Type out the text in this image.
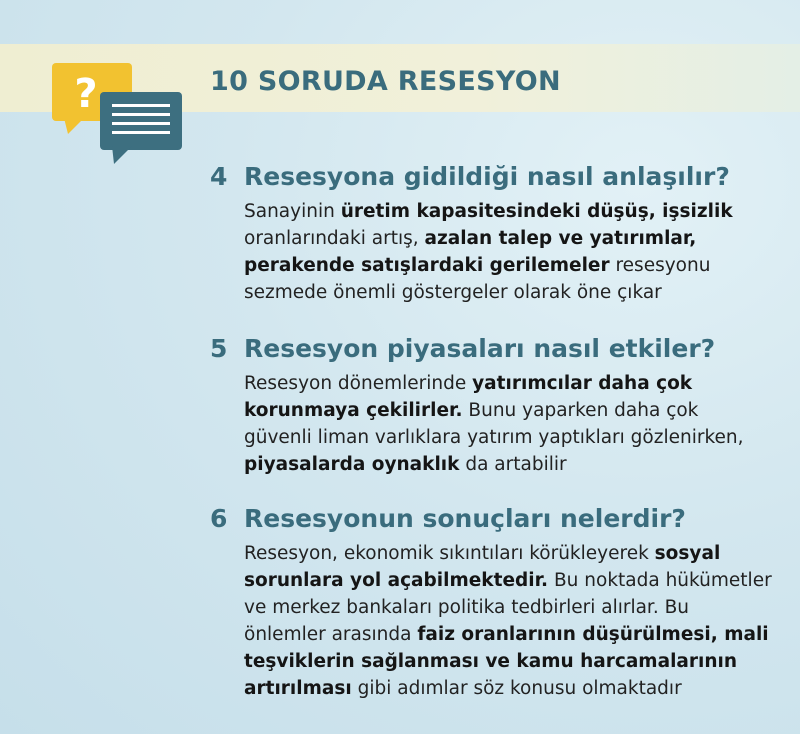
?	10 SORUDA RESESYON
4 Resesyona gidildiği nasıl anlaşılır?
Sanayinin üretim kapasitesindeki düşüş, işsizlik
oranlarındaki artış, azalan talep ve yatırımlar,
perakende satışlardaki gerilemeler resesyonu
sezmede önemli göstergeler olarak öne çıkar
5 Resesyon piyasaları nasıl etkiler?
Resesyon dönemlerinde yatırımcılar daha çok
korunmaya çekilirler. Bunu yaparken daha çok
güvenli liman varlıklara yatırım yaptıkları gözlenirken,
piyasalarda oynaklık da artabilir
6 Resesyonun sonuçları nelerdir?
Resesyon, ekonomik sıkıntıları körükleyerek sosyal
sorunlara yol açabilmektedir. Bu noktada hükümetler
ve merkez bankaları politika tedbirleri alırlar. Bu
önlemler arasında faiz oranlarının düşürülmesi, mali
teşviklerin sağlanması ve kamu harcamalarının
artırılması gibi adımlar söz konusu olmaktadır
